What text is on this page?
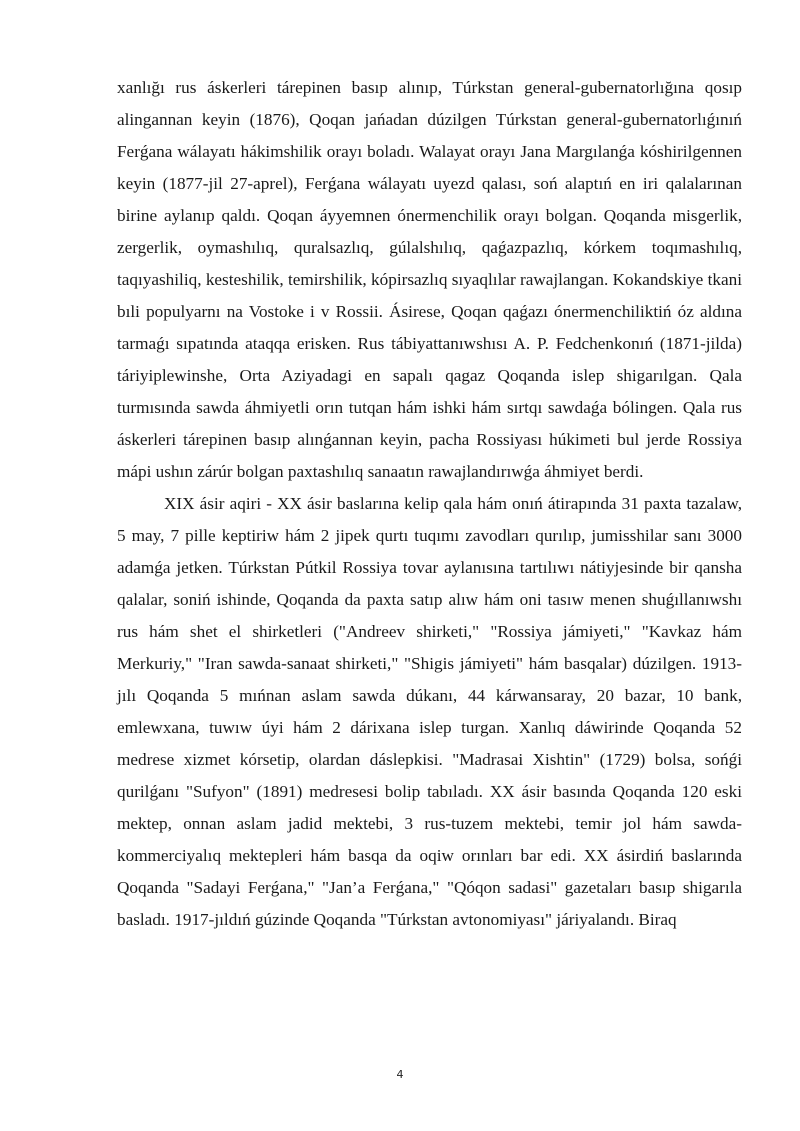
xanlığı rus áskerleri tárepinen basıp alınıp, Túrkstan general-gubernatorlığına qosıp alingannan keyin (1876), Qoqan jańadan dúzilgen Túrkstan general-gubernatorlıǵınıń Ferǵana wálayatı hákimshilik orayı boladı. Walayat orayı Jana Margılanǵa kóshirilgennen keyin (1877-jil 27-aprel), Ferǵana wálayatı uyezd qalası, soń alaptıń en iri qalalarınan birine aylanıp qaldı. Qoqan áyyemnen ónermenchilik orayı bolgan. Qoqanda misgerlik, zergerlik, oymashılıq, quralsazlıq, gúlalshılıq, qaǵazpazlıq, kórkem toqımashılıq, taqıyashiliq, kesteshilik, temirshilik, kópirsazlıq sıyaqlılar rawajlangan. Kokandskiye tkani bıli populyarnı na Vostoke i v Rossii. Ásirese, Qoqan qaǵazı ónermenchiliktiń óz aldına tarmaǵı sıpatında ataqqa erisken. Rus tábiyattanıwshısı A. P. Fedchenkonıń (1871-jilda) táriyiplewinshe, Orta Aziyadagi en sapalı qagaz Qoqanda islep shigarılgan. Qala turmısında sawda áhmiyetli orın tutqan hám ishki hám sırtqı sawdaǵa bólingen. Qala rus áskerleri tárepinen basıp alınǵannan keyin, pacha Rossiyası húkimeti bul jerde Rossiya mápi ushın zárúr bolgan paxtashılıq sanaatın rawajlandırıwǵa áhmiyet berdi.

XIX ásir aqiri - XX ásir baslarına kelip qala hám onıń átirapında 31 paxta tazalaw, 5 may, 7 pille keptiriw hám 2 jipek qurtı tuqımı zavodları qurılıp, jumisshilar sanı 3000 adamǵa jetken. Túrkstan Pútkil Rossiya tovar aylanısına tartılıwı nátiyjesinde bir qansha qalalar, soniń ishinde, Qoqanda da paxta satıp alıw hám oni tasıw menen shuǵıllanıwshı rus hám shet el shirketleri ("Andreev shirketi," "Rossiya jámiyeti," "Kavkaz hám Merkuriy," "Iran sawda-sanaat shirketi," "Shigis jámiyeti" hám basqalar) dúzilgen. 1913-jılı Qoqanda 5 mıńnan aslam sawda dúkanı, 44 kárwansaray, 20 bazar, 10 bank, emlewxana, tuwıw úyi hám 2 dárixana islep turgan. Xanlıq dáwirinde Qoqanda 52 medrese xizmet kórsetip, olardan dáslepkisi. "Madrasai Xishtin" (1729) bolsa, sońǵi qurilǵanı "Sufyon" (1891) medresesi bolip tabıladı. XX ásir basında Qoqanda 120 eski mektep, onnan aslam jadid mektebi, 3 rus-tuzem mektebi, temir jol hám sawda-kommerciyalıq mektepleri hám basqa da oqiw orınları bar edi. XX ásirdiń baslarında Qoqanda "Sadayi Ferǵana," "Jan’a Ferǵana," "Qóqon sadasi" gazetaları basıp shigarıla basladı. 1917-jıldıń gúzinde Qoqanda "Túrkstan avtonomiyası" járiyalandı. Biraq

4
